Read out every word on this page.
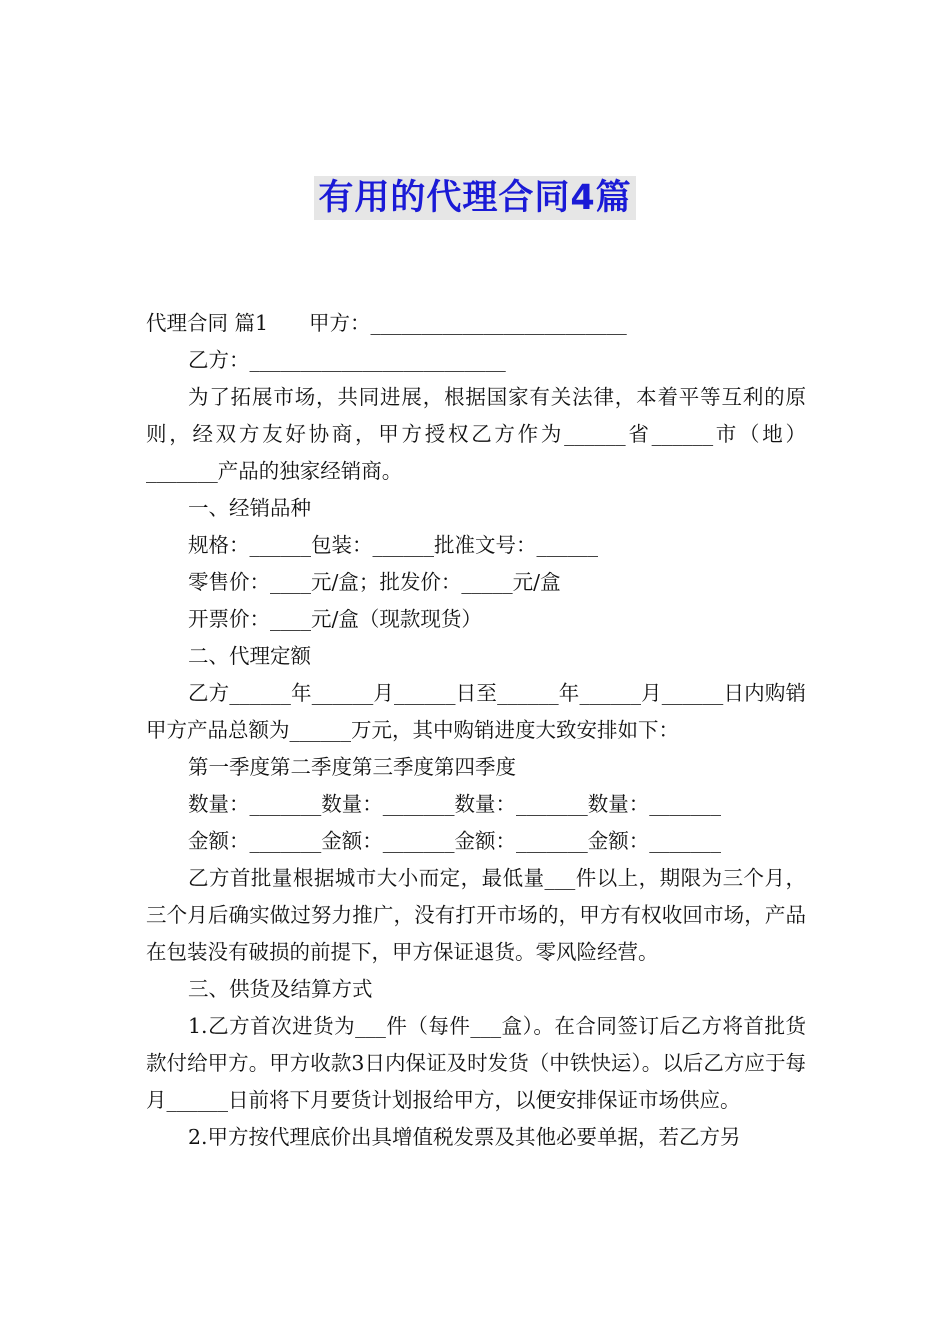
有用的代理合同4篇

代理合同 篇1　　甲方：_________________________

乙方：_________________________

为了拓展市场，共同进展，根据国家有关法律，本着平等互利的原则，经双方友好协商，甲方授权乙方作为______省______市（地）_______产品的独家经销商。

一、经销品种

规格：______包装：______批准文号：______

零售价：____元/盒；批发价：_____元/盒

开票价：____元/盒（现款现货）

二、代理定额

乙方______年______月______日至______年______月______日内购销甲方产品总额为______万元，其中购销进度大致安排如下：

第一季度第二季度第三季度第四季度

数量：_______数量：_______数量：_______数量：_______

金额：_______金额：_______金额：_______金额：_______

乙方首批量根据城市大小而定，最低量___件以上，期限为三个月，三个月后确实做过努力推广，没有打开市场的，甲方有权收回市场，产品在包装没有破损的前提下，甲方保证退货。零风险经营。

三、供货及结算方式

1.乙方首次进货为___件（每件___盒）。在合同签订后乙方将首批货款付给甲方。甲方收款3日内保证及时发货（中铁快运）。以后乙方应于每月______日前将下月要货计划报给甲方，以便安排保证市场供应。

2.甲方按代理底价出具增值税发票及其他必要单据，若乙方另
